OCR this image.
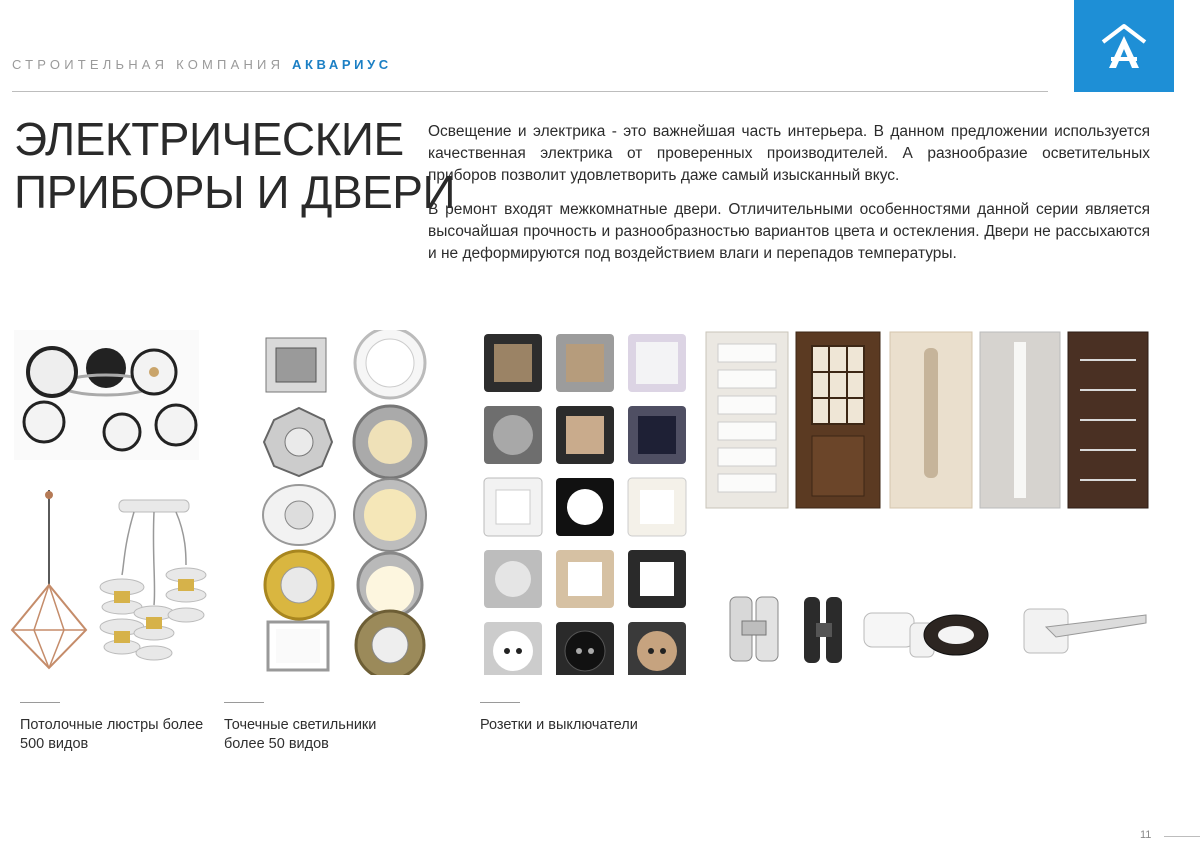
СТРОИТЕЛЬНАЯ КОМПАНИЯ АКВАРИУС
ЭЛЕКТРИЧЕСКИЕ
ПРИБОРЫ И ДВЕРИ

Освещение и электрика - это важнейшая часть интерьера. В данном предложении используется качественная электрика от проверенных производителей. А разнообразие осветительных приборов позволит удовлетворить даже самый изысканный вкус.

В ремонт входят межкомнатные двери. Отличительными особенностями данной серии является высочайшая прочность и разнообразностью вариантов цвета и остекления. Двери не рассыхаются и не деформируются под воздействием влаги и перепадов температуры.

Потолочные люстры более 500 видов
Точечные светильники более 50 видов
Розетки и выключатели
11
